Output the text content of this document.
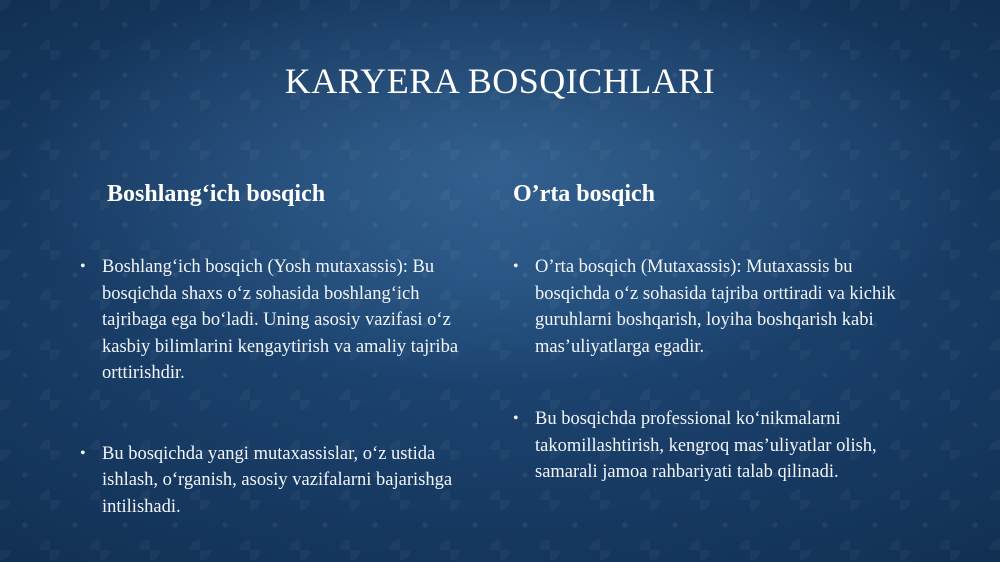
KARYERA BOSQICHLARI
Boshlang‘ich bosqich
• Boshlang‘ich bosqich (Yosh mutaxassis): Bu bosqichda shaxs o‘z sohasida boshlang‘ich tajribaga ega bo‘ladi. Uning asosiy vazifasi o‘z kasbiy bilimlarini kengaytirish va amaliy tajriba orttirishdir.
• Bu bosqichda yangi mutaxassislar, o‘z ustida ishlash, o‘rganish, asosiy vazifalarni bajarishga intilishadi.
O’rta bosqich
• O’rta bosqich (Mutaxassis): Mutaxassis bu bosqichda o‘z sohasida tajriba orttiradi va kichik guruhlarni boshqarish, loyiha boshqarish kabi mas’uliyatlarga egadir.
• Bu bosqichda professional ko‘nikmalarni takomillashtirish, kengroq mas’uliyatlar olish, samarali jamoa rahbariyati talab qilinadi.
